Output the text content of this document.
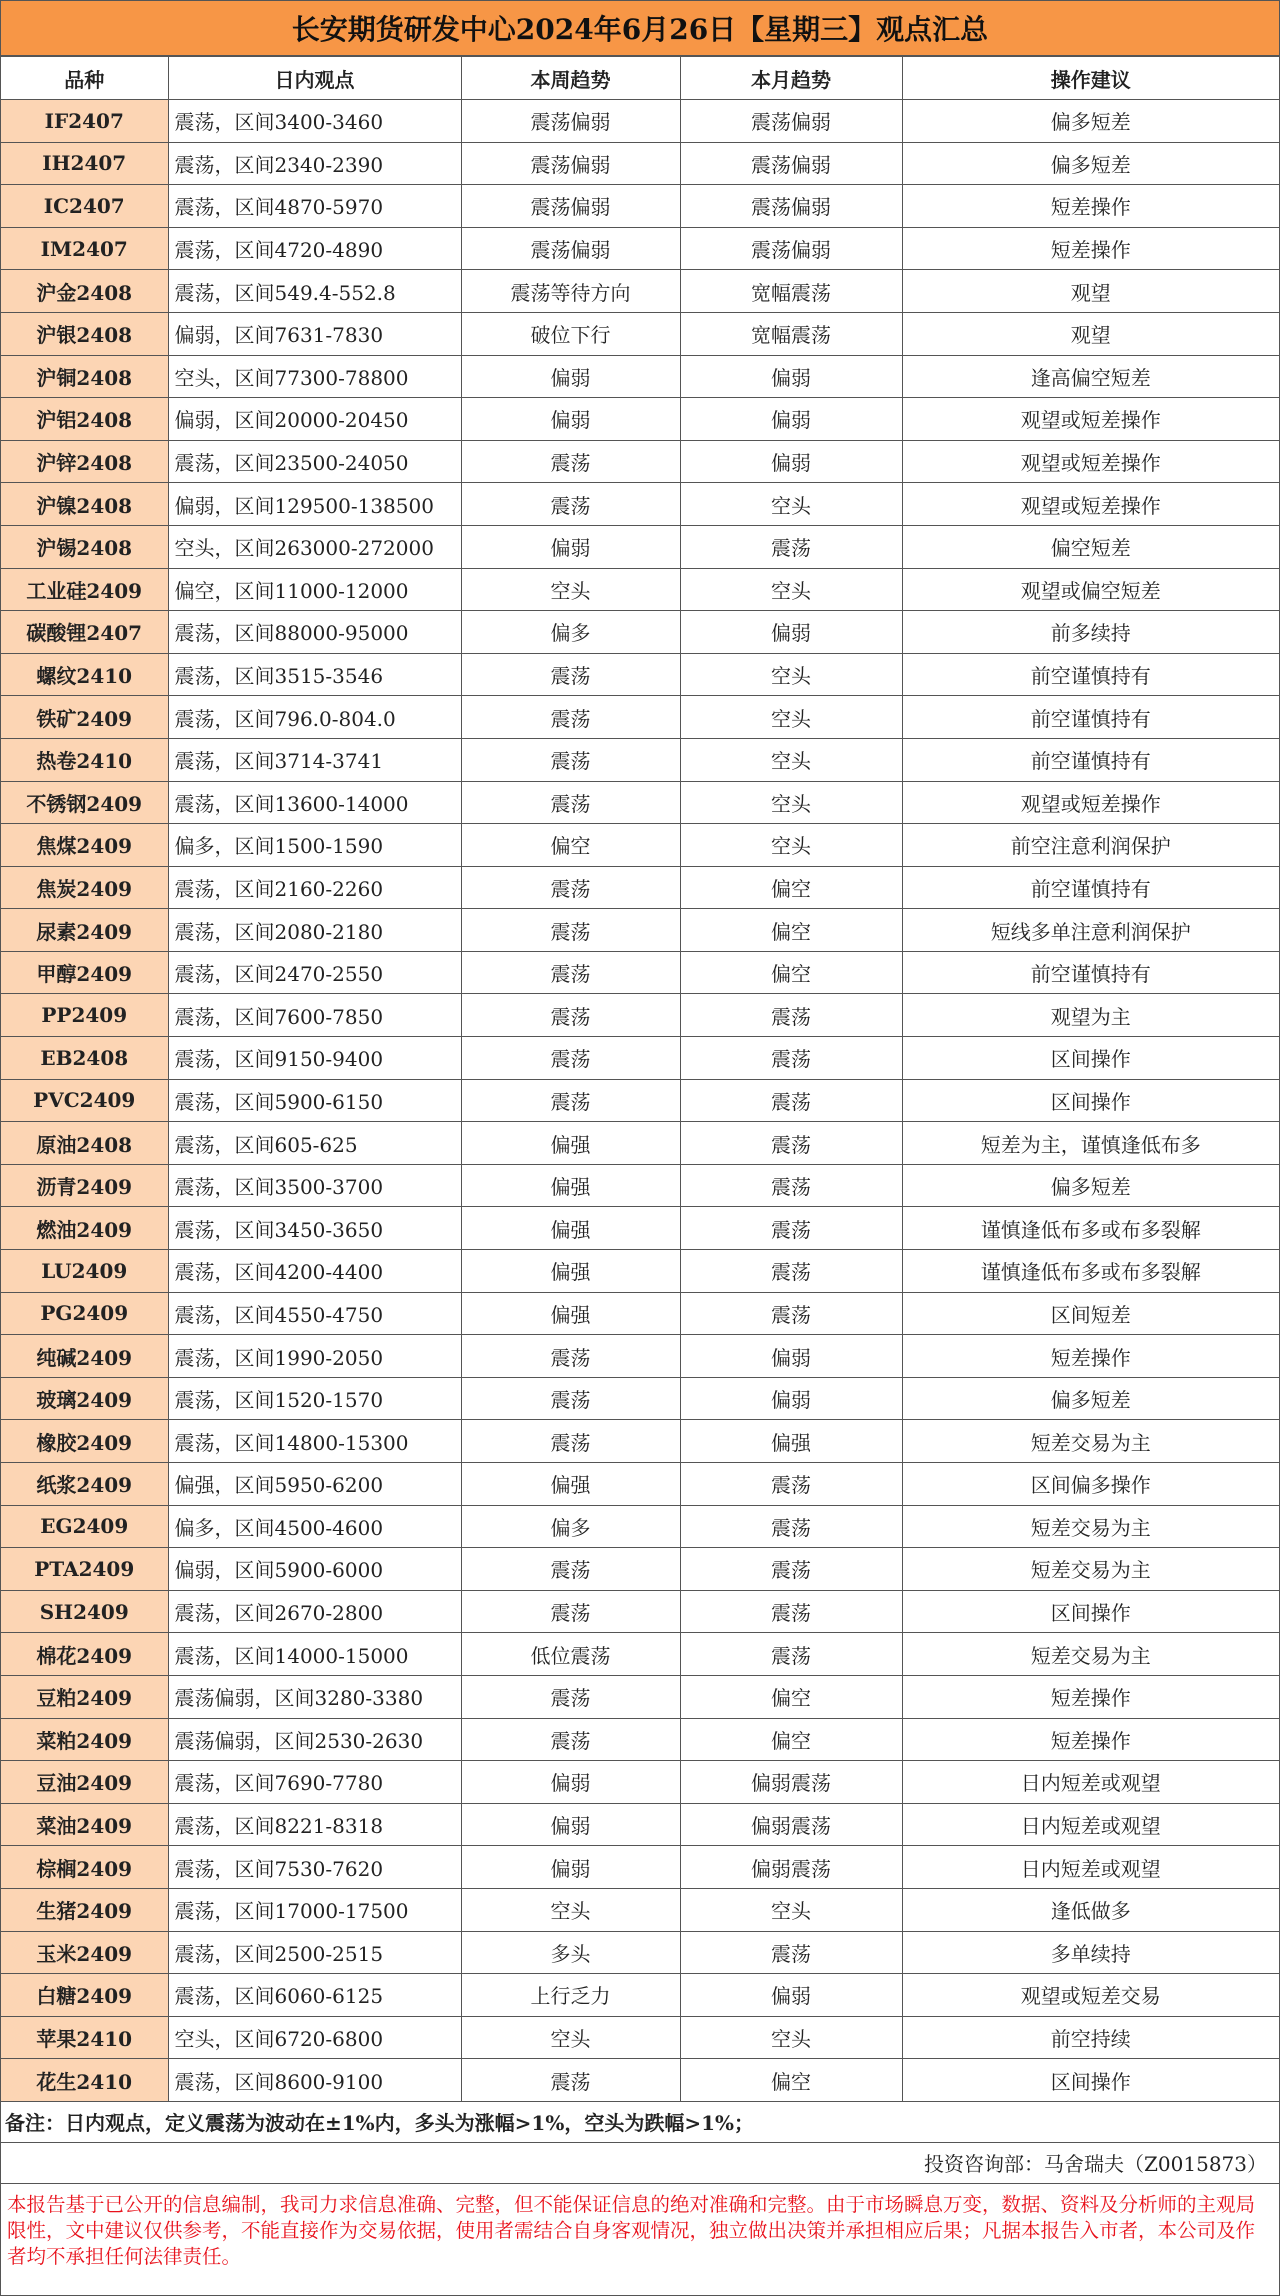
长安期货研发中心2024年6月26日【星期三】观点汇总
品种	日内观点	本周趋势	本月趋势	操作建议
IF2407	震荡，区间3400-3460	震荡偏弱	震荡偏弱	偏多短差
IH2407	震荡，区间2340-2390	震荡偏弱	震荡偏弱	偏多短差
IC2407	震荡，区间4870-5970	震荡偏弱	震荡偏弱	短差操作
IM2407	震荡，区间4720-4890	震荡偏弱	震荡偏弱	短差操作
沪金2408	震荡，区间549.4-552.8	震荡等待方向	宽幅震荡	观望
沪银2408	偏弱，区间7631-7830	破位下行	宽幅震荡	观望
沪铜2408	空头，区间77300-78800	偏弱	偏弱	逢高偏空短差
沪铝2408	偏弱，区间20000-20450	偏弱	偏弱	观望或短差操作
沪锌2408	震荡，区间23500-24050	震荡	偏弱	观望或短差操作
沪镍2408	偏弱，区间129500-138500	震荡	空头	观望或短差操作
沪锡2408	空头，区间263000-272000	偏弱	震荡	偏空短差
工业硅2409	偏空，区间11000-12000	空头	空头	观望或偏空短差
碳酸锂2407	震荡，区间88000-95000	偏多	偏弱	前多续持
螺纹2410	震荡，区间3515-3546	震荡	空头	前空谨慎持有
铁矿2409	震荡，区间796.0-804.0	震荡	空头	前空谨慎持有
热卷2410	震荡，区间3714-3741	震荡	空头	前空谨慎持有
不锈钢2409	震荡，区间13600-14000	震荡	空头	观望或短差操作
焦煤2409	偏多，区间1500-1590	偏空	空头	前空注意利润保护
焦炭2409	震荡，区间2160-2260	震荡	偏空	前空谨慎持有
尿素2409	震荡，区间2080-2180	震荡	偏空	短线多单注意利润保护
甲醇2409	震荡，区间2470-2550	震荡	偏空	前空谨慎持有
PP2409	震荡，区间7600-7850	震荡	震荡	观望为主
EB2408	震荡，区间9150-9400	震荡	震荡	区间操作
PVC2409	震荡，区间5900-6150	震荡	震荡	区间操作
原油2408	震荡，区间605-625	偏强	震荡	短差为主，谨慎逢低布多
沥青2409	震荡，区间3500-3700	偏强	震荡	偏多短差
燃油2409	震荡，区间3450-3650	偏强	震荡	谨慎逢低布多或布多裂解
LU2409	震荡，区间4200-4400	偏强	震荡	谨慎逢低布多或布多裂解
PG2409	震荡，区间4550-4750	偏强	震荡	区间短差
纯碱2409	震荡，区间1990-2050	震荡	偏弱	短差操作
玻璃2409	震荡，区间1520-1570	震荡	偏弱	偏多短差
橡胶2409	震荡，区间14800-15300	震荡	偏强	短差交易为主
纸浆2409	偏强，区间5950-6200	偏强	震荡	区间偏多操作
EG2409	偏多，区间4500-4600	偏多	震荡	短差交易为主
PTA2409	偏弱，区间5900-6000	震荡	震荡	短差交易为主
SH2409	震荡，区间2670-2800	震荡	震荡	区间操作
棉花2409	震荡，区间14000-15000	低位震荡	震荡	短差交易为主
豆粕2409	震荡偏弱，区间3280-3380	震荡	偏空	短差操作
菜粕2409	震荡偏弱，区间2530-2630	震荡	偏空	短差操作
豆油2409	震荡，区间7690-7780	偏弱	偏弱震荡	日内短差或观望
菜油2409	震荡，区间8221-8318	偏弱	偏弱震荡	日内短差或观望
棕榈2409	震荡，区间7530-7620	偏弱	偏弱震荡	日内短差或观望
生猪2409	震荡，区间17000-17500	空头	空头	逢低做多
玉米2409	震荡，区间2500-2515	多头	震荡	多单续持
白糖2409	震荡，区间6060-6125	上行乏力	偏弱	观望或短差交易
苹果2410	空头，区间6720-6800	空头	空头	前空持续
花生2410	震荡，区间8600-9100	震荡	偏空	区间操作
备注：日内观点，定义震荡为波动在±1%内，多头为涨幅>1%，空头为跌幅>1%；
投资咨询部：马舍瑞夫（Z0015873）
本报告基于已公开的信息编制，我司力求信息准确、完整，但不能保证信息的绝对准确和完整。由于市场瞬息万变，数据、资料及分析师的主观局限性，文中建议仅供参考，不能直接作为交易依据，使用者需结合自身客观情况，独立做出决策并承担相应后果；凡据本报告入市者，本公司及作者均不承担任何法律责任。
